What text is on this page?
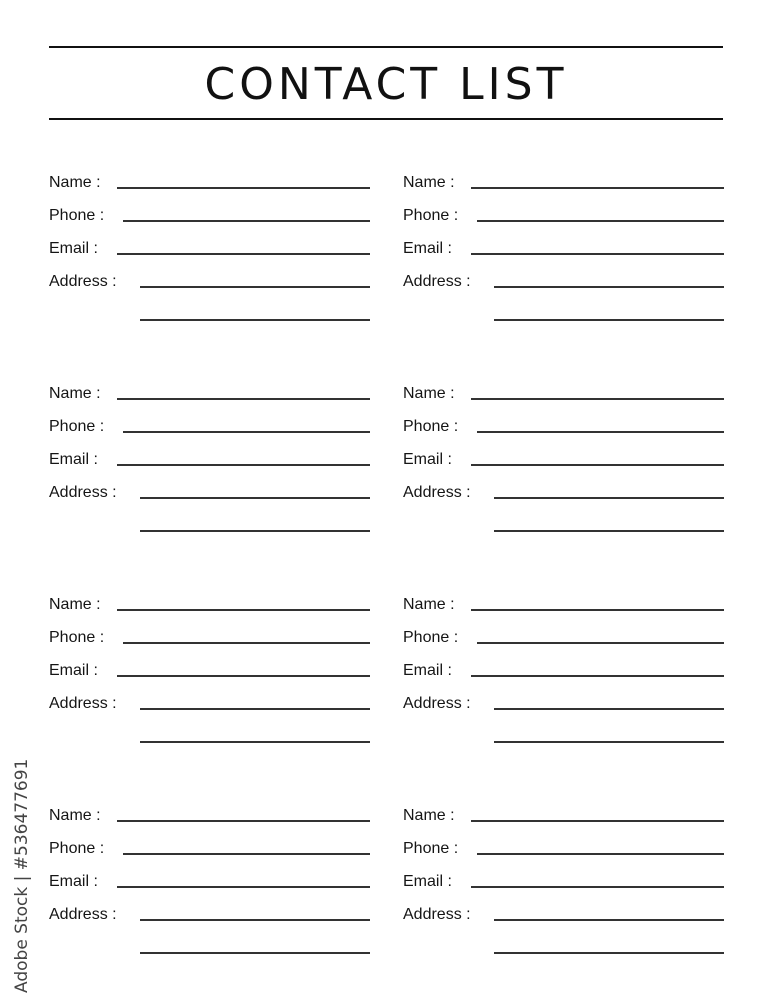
CONTACT LIST
Name :
Phone :
Email :
Address :
Name :
Phone :
Email :
Address :
Name :
Phone :
Email :
Address :
Name :
Phone :
Email :
Address :
Name :
Phone :
Email :
Address :
Name :
Phone :
Email :
Address :
Name :
Phone :
Email :
Address :
Name :
Phone :
Email :
Address :
Adobe Stock | #536477691
